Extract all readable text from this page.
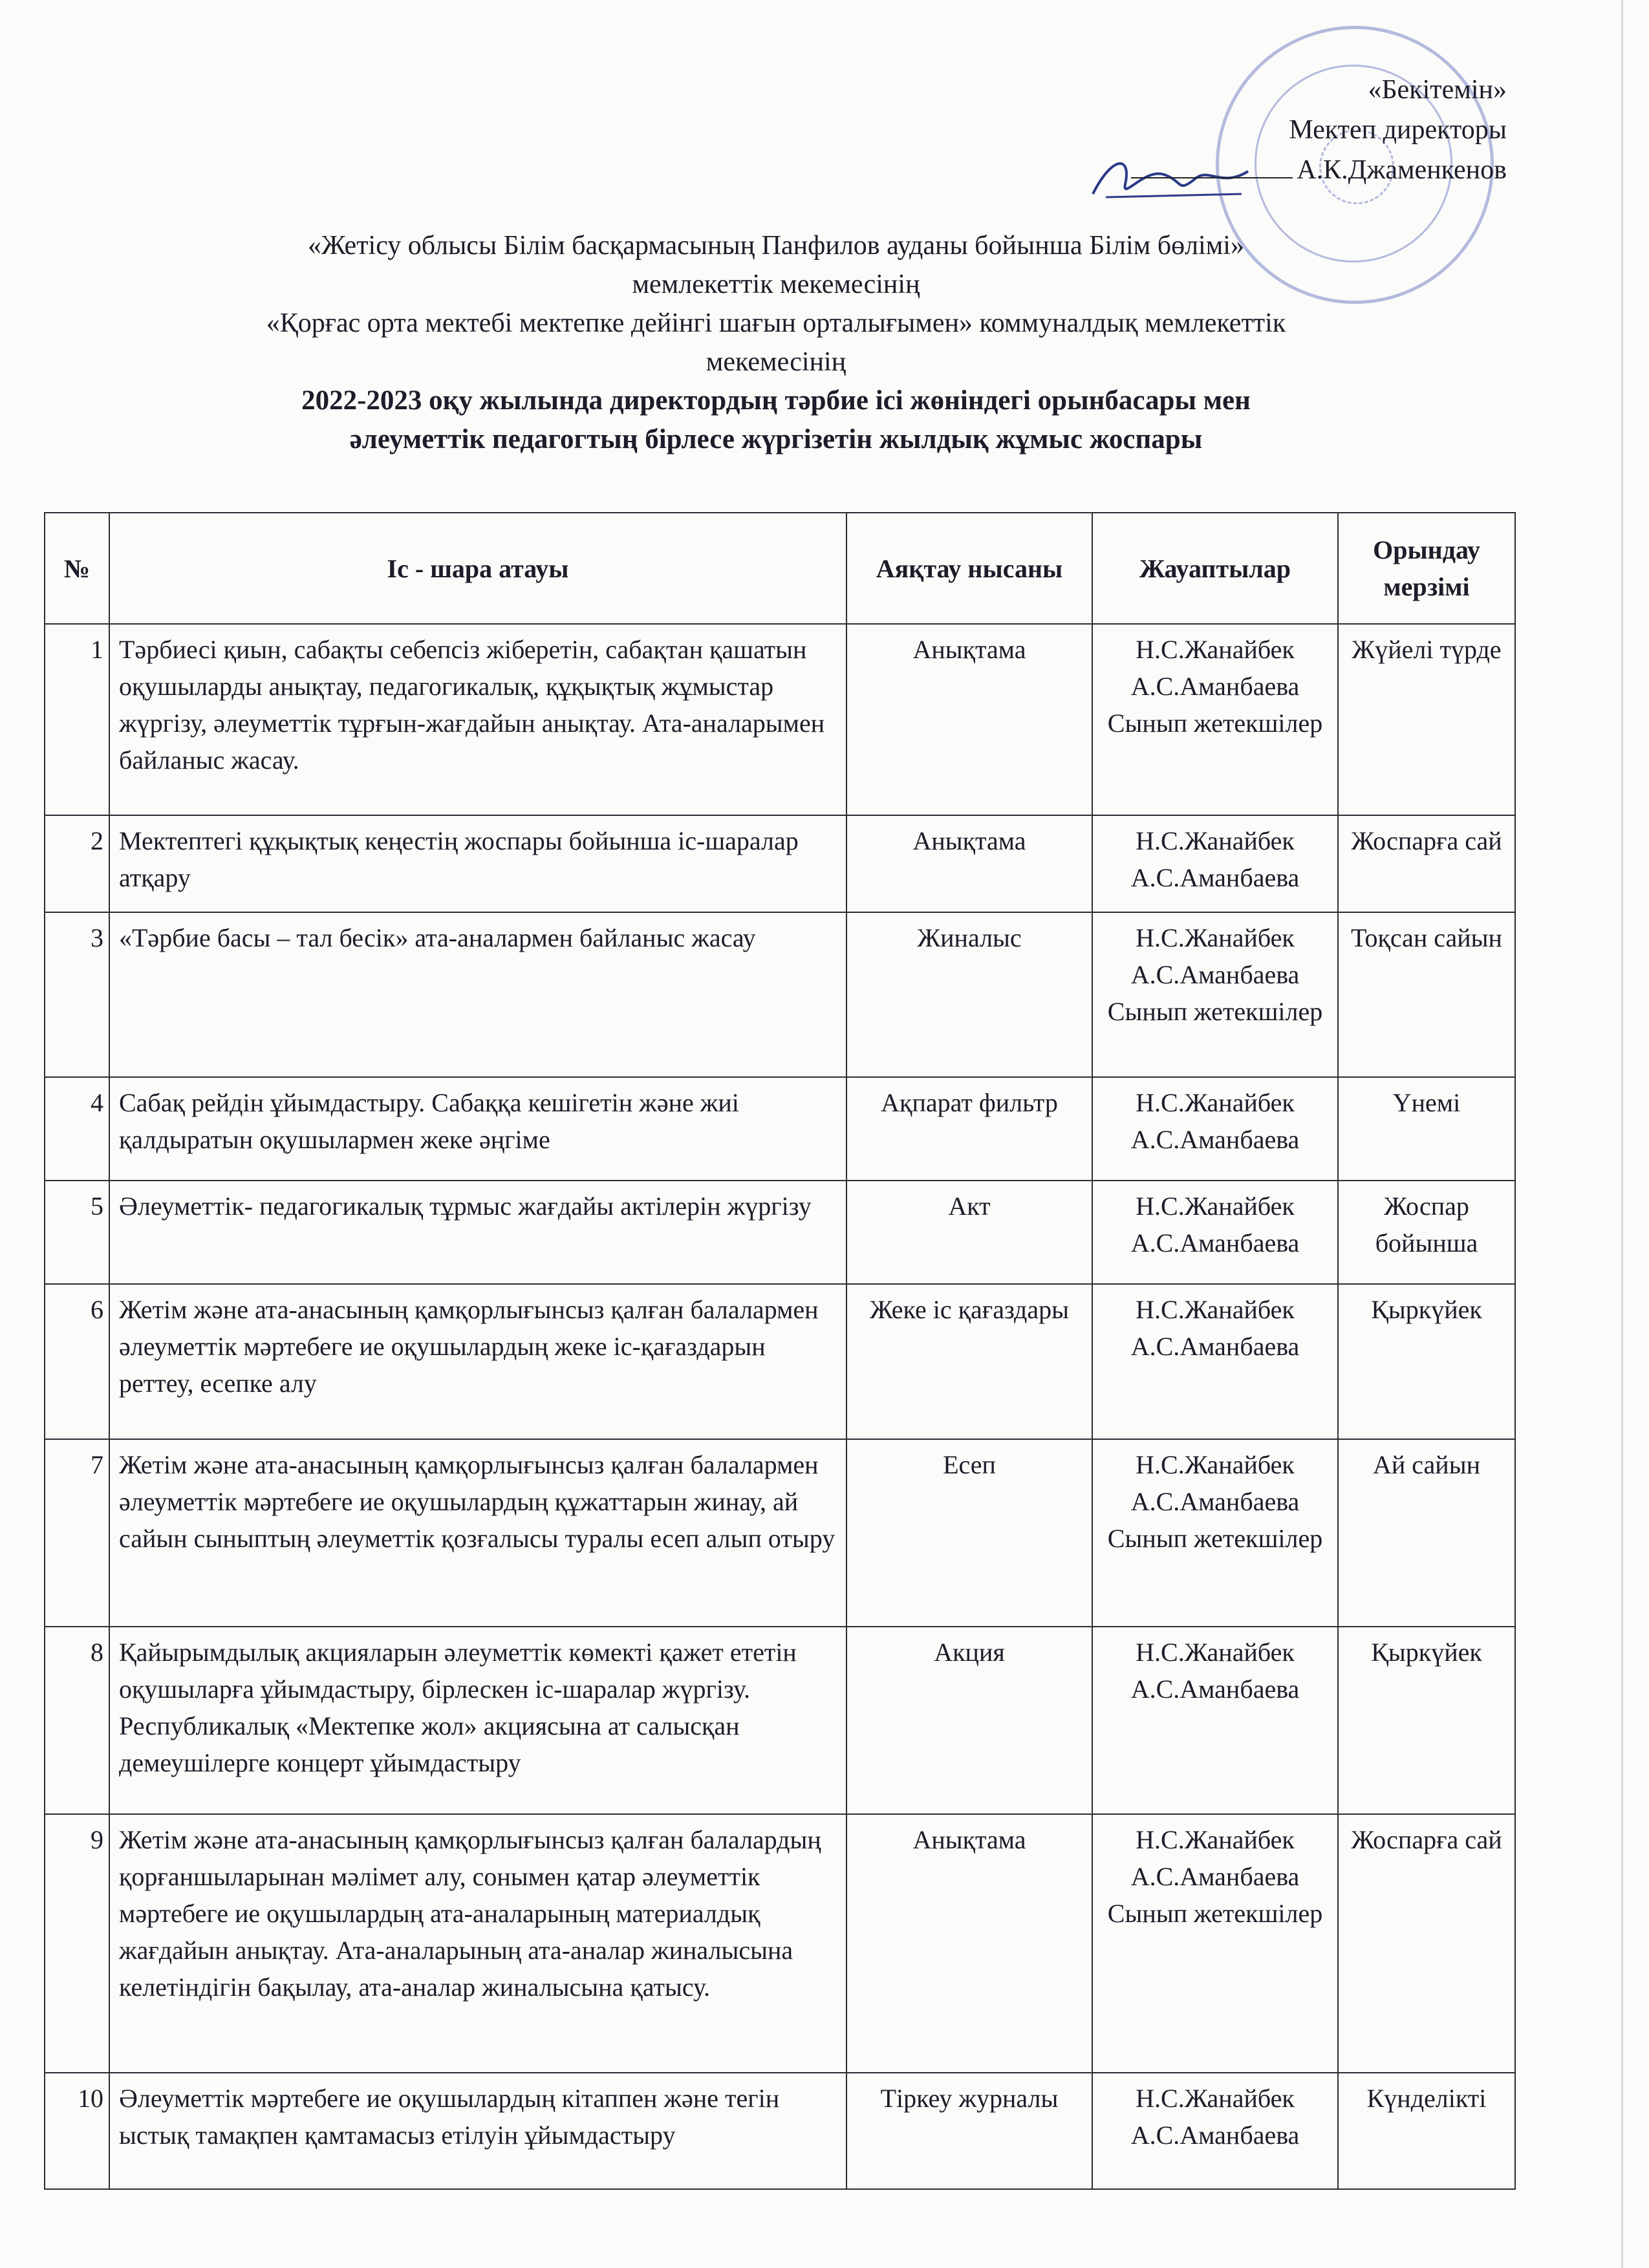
«Бекітемін»
Мектеп директоры
А.К.Джаменкенов
«Жетісу облысы Білім басқармасының Панфилов ауданы бойынша Білім бөлімі»
мемлекеттік мекемесінің
«Қорғас орта мектебі мектепке дейінгі шағын орталығымен» коммуналдық мемлекеттік
мекемесінің
2022-2023 оқу жылында директордың тәрбие ісі жөніндегі орынбасары мен
әлеуметтік педагогтың бірлесе жүргізетін жылдық жұмыс жоспары
№	Іс - шара атауы	Аяқтау нысаны	Жауаптылар	Орындау мерзімі
1	Тәрбиесі қиын, сабақты себепсіз жіберетін, сабақтан қашатын оқушыларды анықтау, педагогикалық, құқықтық жұмыстар жүргізу, әлеуметтік тұрғын-жағдайын анықтау. Ата-аналарымен байланыс жасау.	Анықтама	Н.С.Жанайбек А.С.Аманбаева Сынып жетекшілер	Жүйелі түрде
2	Мектептегі құқықтық кеңестің жоспары бойынша іс-шаралар атқару	Анықтама	Н.С.Жанайбек А.С.Аманбаева	Жоспарға сай
3	«Тәрбие басы – тал бесік» ата-аналармен байланыс жасау	Жиналыс	Н.С.Жанайбек А.С.Аманбаева Сынып жетекшілер	Тоқсан сайын
4	Сабақ рейдін ұйымдастыру. Сабаққа кешігетін және жиі қалдыратын оқушылармен жеке әңгіме	Ақпарат фильтр	Н.С.Жанайбек А.С.Аманбаева	Үнемі
5	Әлеуметтік- педагогикалық тұрмыс жағдайы актілерін жүргізу	Акт	Н.С.Жанайбек А.С.Аманбаева	Жоспар бойынша
6	Жетім және ата-анасының қамқорлығынсыз қалған балалармен әлеуметтік мәртебеге ие оқушылардың жеке іс-қағаздарын реттеу, есепке алу	Жеке іс қағаздары	Н.С.Жанайбек А.С.Аманбаева	Қыркүйек
7	Жетім және ата-анасының қамқорлығынсыз қалған балалармен әлеуметтік мәртебеге ие оқушылардың құжаттарын жинау, ай сайын сыныптың әлеуметтік қозғалысы туралы есеп алып отыру	Есеп	Н.С.Жанайбек А.С.Аманбаева Сынып жетекшілер	Ай сайын
8	Қайырымдылық акцияларын әлеуметтік көмекті қажет ететін оқушыларға ұйымдастыру, бірлескен іс-шаралар жүргізу. Республикалық «Мектепке жол» акциясына ат салысқан демеушілерге концерт ұйымдастыру	Акция	Н.С.Жанайбек А.С.Аманбаева	Қыркүйек
9	Жетім және ата-анасының қамқорлығынсыз қалған балалардың қорғаншыларынан мәлімет алу, сонымен қатар әлеуметтік мәртебеге ие оқушылардың ата-аналарының материалдық жағдайын анықтау. Ата-аналарының ата-аналар жиналысына келетіндігін бақылау, ата-аналар жиналысына қатысу.	Анықтама	Н.С.Жанайбек А.С.Аманбаева Сынып жетекшілер	Жоспарға сай
10	Әлеуметтік мәртебеге ие оқушылардың кітаппен және тегін ыстық тамақпен қамтамасыз етілуін ұйымдастыру	Тіркеу журналы	Н.С.Жанайбек А.С.Аманбаева	Күнделікті
